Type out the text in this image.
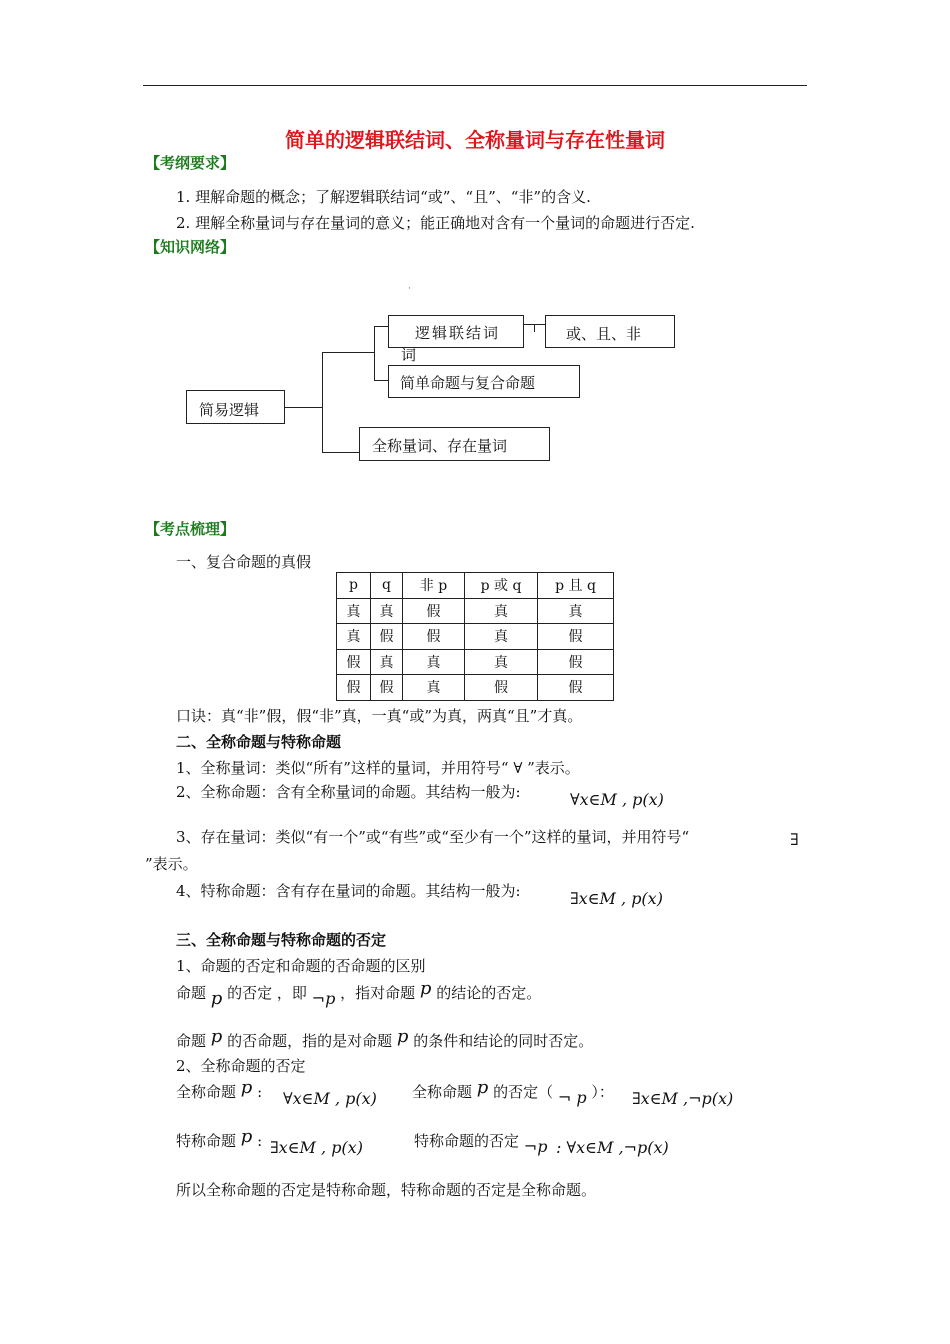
简单的逻辑联结词、全称量词与存在性量词
【考纲要求】
1. 理解命题的概念；了解逻辑联结词“或”、“且”、“非”的含义.
2. 理解全称量词与存在量词的意义；能正确地对含有一个量词的命题进行否定.
【知识网络】
·
简易逻辑
逻辑联结词
词
或、且、非
简单命题与复合命题
全称量词、存在量词
【考点梳理】
一、复合命题的真假
p	q	非 p	p 或 q	p 且 q
真	真	假	真	真
真	假	假	真	假
假	真	真	真	假
假	假	真	假	假
口诀：真“非”假，假“非”真，一真“或”为真，两真“且”才真。
二、全称命题与特称命题
1、全称量词：类似“所有”这样的量词，并用符号“ ∀ ”表示。
2、全称命题：含有全称量词的命题。其结构一般为:	∀x∈M , p(x)
3、存在量词：类似“有一个”或“有些”或“至少有一个”这样的量词，并用符号“	∃
”表示。
4、特称命题：含有存在量词的命题。其结构一般为:	∃x∈M , p(x)
三、全称命题与特称命题的否定
1、命题的否定和命题的否命题的区别
命题 p 的否定 ，即 ¬p ，指对命题 p 的结论的否定。
命题 p 的否命题，指的是对命题 p 的条件和结论的同时否定。
2、全称命题的否定
全称命题 p : ∀x∈M , p(x) 全称命题 p 的否定（ ¬ p ）： ∃x∈M ,¬p(x)
特称命题 p : ∃x∈M , p(x)	特称命题的否定 ¬p : ∀x∈M ,¬p(x)
所以全称命题的否定是特称命题，特称命题的否定是全称命题。
